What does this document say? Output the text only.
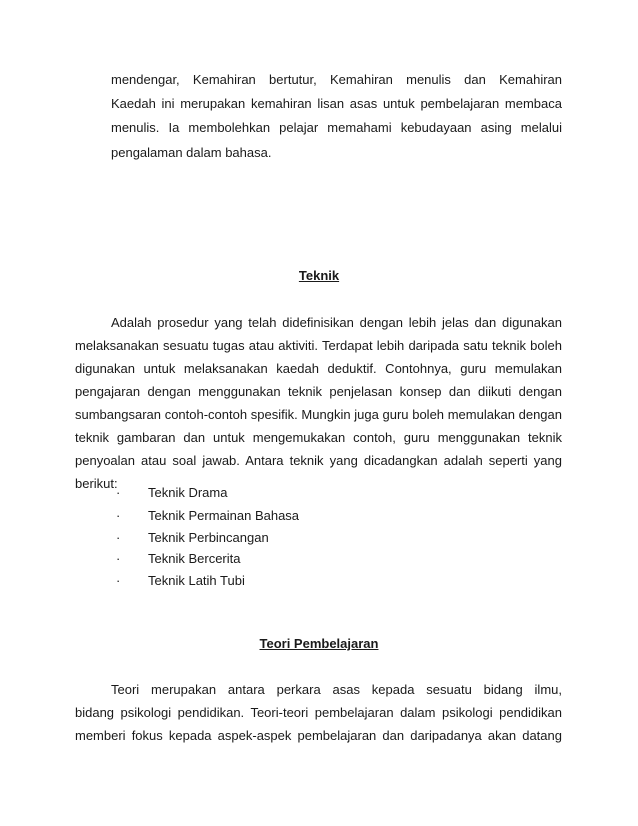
mendengar, Kemahiran bertutur, Kemahiran menulis dan Kemahiran
Kaedah ini merupakan kemahiran lisan asas untuk pembelajaran membaca
menulis. Ia membolehkan pelajar memahami kebudayaan asing melalui
pengalaman dalam bahasa.
Teknik
Adalah prosedur yang telah didefinisikan dengan lebih jelas dan digunakan
melaksanakan sesuatu tugas atau aktiviti. Terdapat lebih daripada satu teknik boleh
digunakan untuk melaksanakan kaedah deduktif. Contohnya, guru memulakan
pengajaran dengan menggunakan teknik penjelasan konsep dan diikuti dengan
sumbangsaran contoh-contoh spesifik. Mungkin juga guru boleh memulakan dengan
teknik gambaran dan untuk mengemukakan contoh, guru menggunakan teknik
penyoalan atau soal jawab. Antara teknik yang dicadangkan adalah seperti yang
berikut:
· Teknik Drama
· Teknik Permainan Bahasa
· Teknik Perbincangan
· Teknik Bercerita
· Teknik Latih Tubi
Teori Pembelajaran
Teori merupakan antara perkara asas kepada sesuatu bidang ilmu,
bidang psikologi pendidikan. Teori-teori pembelajaran dalam psikologi pendidikan
memberi fokus kepada aspek-aspek pembelajaran dan daripadanya akan datang
